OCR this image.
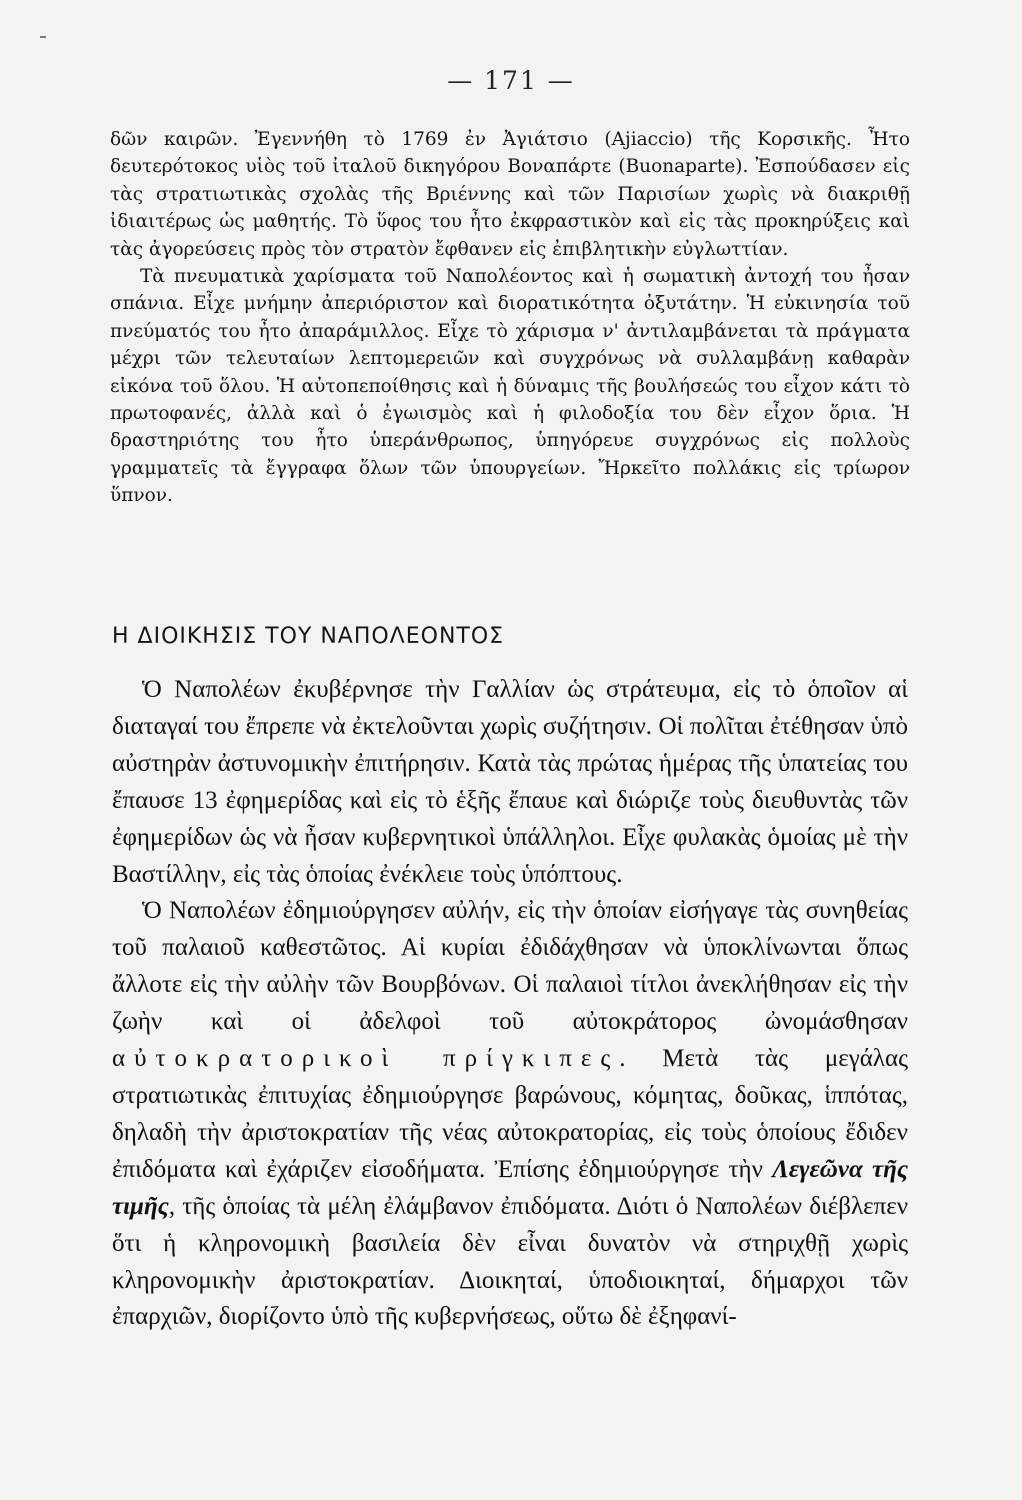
— 171 —

δῶν καιρῶν. Ἐγεννήθη τὸ 1769 ἐν Ἀγιάτσιο (Ajiaccio) τῆς Κορσικῆς. Ἦτο δευτερότοκος υἱὸς τοῦ ἰταλοῦ δικηγόρου Βοναπάρτε (Buonaparte). Ἐσπούδασεν εἰς τὰς στρατιωτικὰς σχολὰς τῆς Βριέννης καὶ τῶν Παρισίων χωρὶς νὰ διακριθῇ ἰδιαιτέρως ὡς μαθητής. Τὸ ὕφος του ἦτο ἐκφραστικὸν καὶ εἰς τὰς προκηρύξεις καὶ τὰς ἀγορεύσεις πρὸς τὸν στρατὸν ἔφθανεν εἰς ἐπιβλητικὴν εὐγλωττίαν.

Τὰ πνευματικὰ χαρίσματα τοῦ Ναπολέοντος καὶ ἡ σωματικὴ ἀντοχή του ἦσαν σπάνια. Εἶχε μνήμην ἀπεριόριστον καὶ διορατικότητα ὀξυτάτην. Ἡ εὐκινησία τοῦ πνεύματός του ἦτο ἀπαράμιλλος. Εἶχε τὸ χάρισμα ν' ἀντιλαμβάνεται τὰ πράγματα μέχρι τῶν τελευταίων λεπτομερειῶν καὶ συγχρόνως νὰ συλλαμβάνῃ καθαρὰν εἰκόνα τοῦ ὅλου. Ἡ αὐτοπεποίθησις καὶ ἡ δύναμις τῆς βουλήσεώς του εἶχον κάτι τὸ πρωτοφανές, ἀλλὰ καὶ ὁ ἐγωισμὸς καὶ ἡ φιλοδοξία του δὲν εἶχον ὅρια. Ἡ δραστηριότης του ἦτο ὑπεράνθρωπος, ὑπηγόρευε συγχρόνως εἰς πολλοὺς γραμματεῖς τὰ ἔγγραφα ὅλων τῶν ὑπουργείων. Ἤρκεῖτο πολλάκις εἰς τρίωρον ὕπνον.

Η ΔΙΟΙΚΗΣΙΣ ΤΟΥ ΝΑΠΟΛΕΟΝΤΟΣ

Ὁ Ναπολέων ἐκυβέρνησε τὴν Γαλλίαν ὡς στράτευμα, εἰς τὸ ὁποῖον αἱ διαταγαί του ἔπρεπε νὰ ἐκτελοῦνται χωρὶς συζήτησιν. Οἱ πολῖται ἐτέθησαν ὑπὸ αὐστηρὰν ἀστυνομικὴν ἐπιτήρησιν. Κατὰ τὰς πρώτας ἡμέρας τῆς ὑπατείας του ἔπαυσε 13 ἐφημερίδας καὶ εἰς τὸ ἑξῆς ἔπαυε καὶ διώριζε τοὺς διευθυντὰς τῶν ἐφημερίδων ὡς νὰ ἦσαν κυβερνητικοὶ ὑπάλληλοι. Εἶχε φυλακὰς ὁμοίας μὲ τὴν Βαστίλλην, εἰς τὰς ὁποίας ἐνέκλειε τοὺς ὑπόπτους.

Ὁ Ναπολέων ἐδημιούργησεν αὐλήν, εἰς τὴν ὁποίαν εἰσήγαγε τὰς συνηθείας τοῦ παλαιοῦ καθεστῶτος. Αἱ κυρίαι ἐδιδάχθησαν νὰ ὑποκλίνωνται ὅπως ἄλλοτε εἰς τὴν αὐλὴν τῶν Βουρβόνων. Οἱ παλαιοὶ τίτλοι ἀνεκλήθησαν εἰς τὴν ζωὴν καὶ οἱ ἀδελφοὶ τοῦ αὐτοκράτορος ὠνομάσθησαν αὐτοκρατορικοὶ πρίγκιπες. Μετὰ τὰς μεγάλας στρατιωτικὰς ἐπιτυχίας ἐδημιούργησε βαρώνους, κόμητας, δοῦκας, ἱππότας, δηλαδὴ τὴν ἀριστοκρατίαν τῆς νέας αὐτοκρατορίας, εἰς τοὺς ὁποίους ἔδιδεν ἐπιδόματα καὶ ἐχάριζεν εἰσοδήματα. Ἐπίσης ἐδημιούργησε τὴν Λεγεῶνα τῆς τιμῆς, τῆς ὁποίας τὰ μέλη ἐλάμβανον ἐπιδόματα. Διότι ὁ Ναπολέων διέβλεπεν ὅτι ἡ κληρονομικὴ βασιλεία δὲν εἶναι δυνατὸν νὰ στηριχθῇ χωρὶς κληρονομικὴν ἀριστοκρατίαν. Διοικηταί, ὑποδιοικηταί, δήμαρχοι τῶν ἐπαρχιῶν, διορίζοντο ὑπὸ τῆς κυβερνήσεως, οὕτω δὲ ἐξηφανί-
